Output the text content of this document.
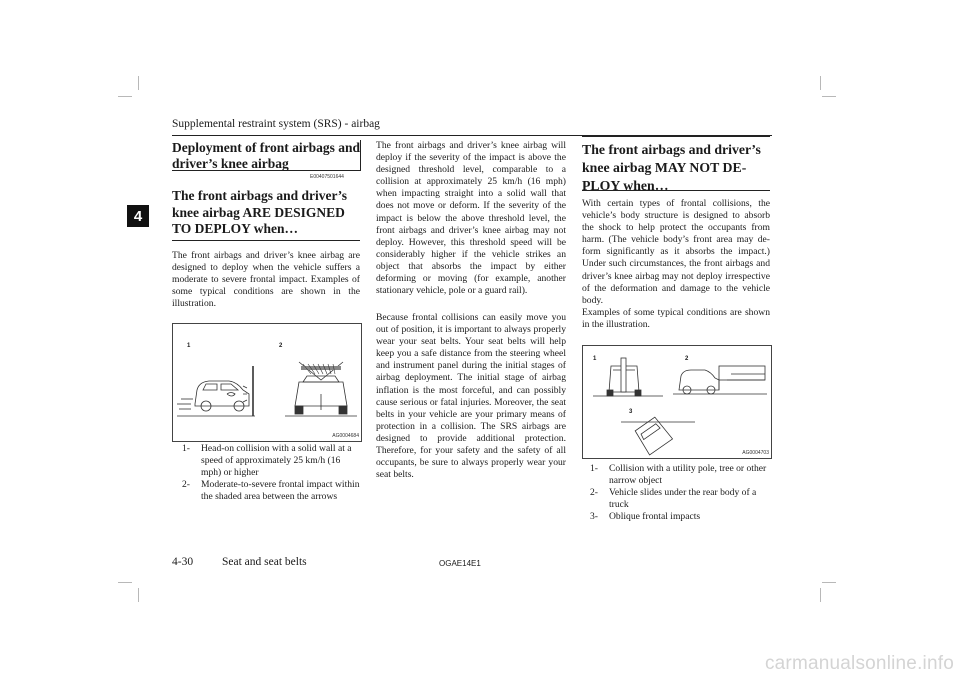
Supplemental restraint system (SRS) - airbag
4
Deployment of front airbags and driver’s knee airbag
E00407501644
The front airbags and driver’s knee airbag ARE DESIGNED TO DEPLOY when…
The front airbags and driver’s knee airbag are designed to deploy when the vehicle suffers a moderate to severe frontal impact. Examples of some typical conditions are shown in the illustration.
1	2
AG0004684
1-	Head-on collision with a solid wall at a speed of approximately 25 km/h (16 mph) or higher
2-	Moderate-to-severe frontal impact within the shaded area between the arrows
The front airbags and driver’s knee airbag will deploy if the severity of the impact is above the designed threshold level, comparable to a collision at approximately 25 km/h (16 mph) when impacting straight into a solid wall that does not move or deform. If the severity of the impact is below the above threshold level, the front airbags and driver’s knee airbag may not deploy. However, this threshold speed will be considerably higher if the vehicle strikes an object that absorbs the impact by either deforming or moving (for example, another stationary vehicle, pole or a guard rail).
Because frontal collisions can easily move you out of position, it is important to always properly wear your seat belts. Your seat belts will help keep you a safe distance from the steering wheel and instrument panel during the initial stages of airbag deployment. The initial stage of airbag inflation is the most forceful, and can possibly cause serious or fatal injuries. Moreover, the seat belts in your vehicle are your primary means of protection in a collision. The SRS airbags are designed to provide additional protection. Therefore, for your safety and the safety of all occupants, be sure to always properly wear your seat belts.
The front airbags and driver’s knee airbag MAY NOT DEPLOY when…
With certain types of frontal collisions, the vehicle’s body structure is designed to absorb the shock to help protect the occupants from harm. (The vehicle body’s front area may deform significantly as it absorbs the impact.) Under such circumstances, the front airbags and driver’s knee airbag may not deploy irrespective of the deformation and damage to the vehicle body.
Examples of some typical conditions are shown in the illustration.
1	2
3
AG0004703
1-	Collision with a utility pole, tree or other narrow object
2-	Vehicle slides under the rear body of a truck
3-	Oblique frontal impacts
4-30	Seat and seat belts	OGAE14E1
carmanualsonline.info
